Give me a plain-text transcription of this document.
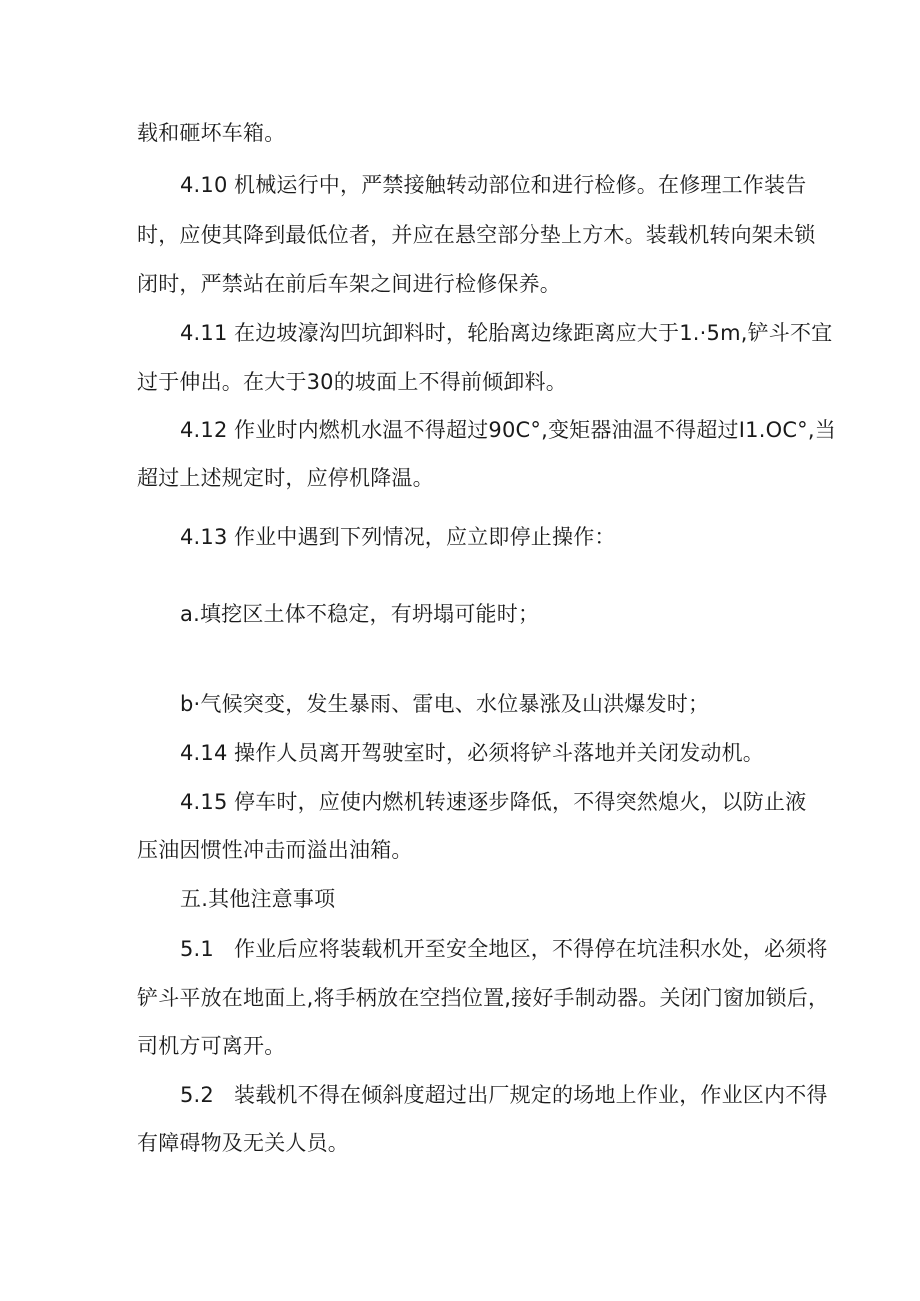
载和砸坏车箱。
4.10 机械运行中，严禁接触转动部位和进行检修。在修理工作装告
时，应使其降到最低位者，并应在悬空部分垫上方木。装载机转向架未锁
闭时，严禁站在前后车架之间进行检修保养。
4.11 在边坡濠沟凹坑卸料时，轮胎离边缘距离应大于1.·5m,铲斗不宜
过于伸出。在大于30的坡面上不得前倾卸料。
4.12 作业时内燃机水温不得超过90C°,变矩器油温不得超过I1.OC°,当
超过上述规定时，应停机降温。
4.13 作业中遇到下列情况，应立即停止操作：
a.填挖区土体不稳定，有坍塌可能时；
b·气候突变，发生暴雨、雷电、水位暴涨及山洪爆发时；
4.14 操作人员离开驾驶室时，必须将铲斗落地并关闭发动机。
4.15 停车时，应使内燃机转速逐步降低，不得突然熄火，以防止液
压油因惯性冲击而溢出油箱。
五.其他注意事项
5.1 作业后应将装载机开至安全地区，不得停在坑洼积水处，必须将
铲斗平放在地面上,将手柄放在空挡位置,接好手制动器。关闭门窗加锁后，
司机方可离开。
5.2 装载机不得在倾斜度超过出厂规定的场地上作业，作业区内不得
有障碍物及无关人员。
